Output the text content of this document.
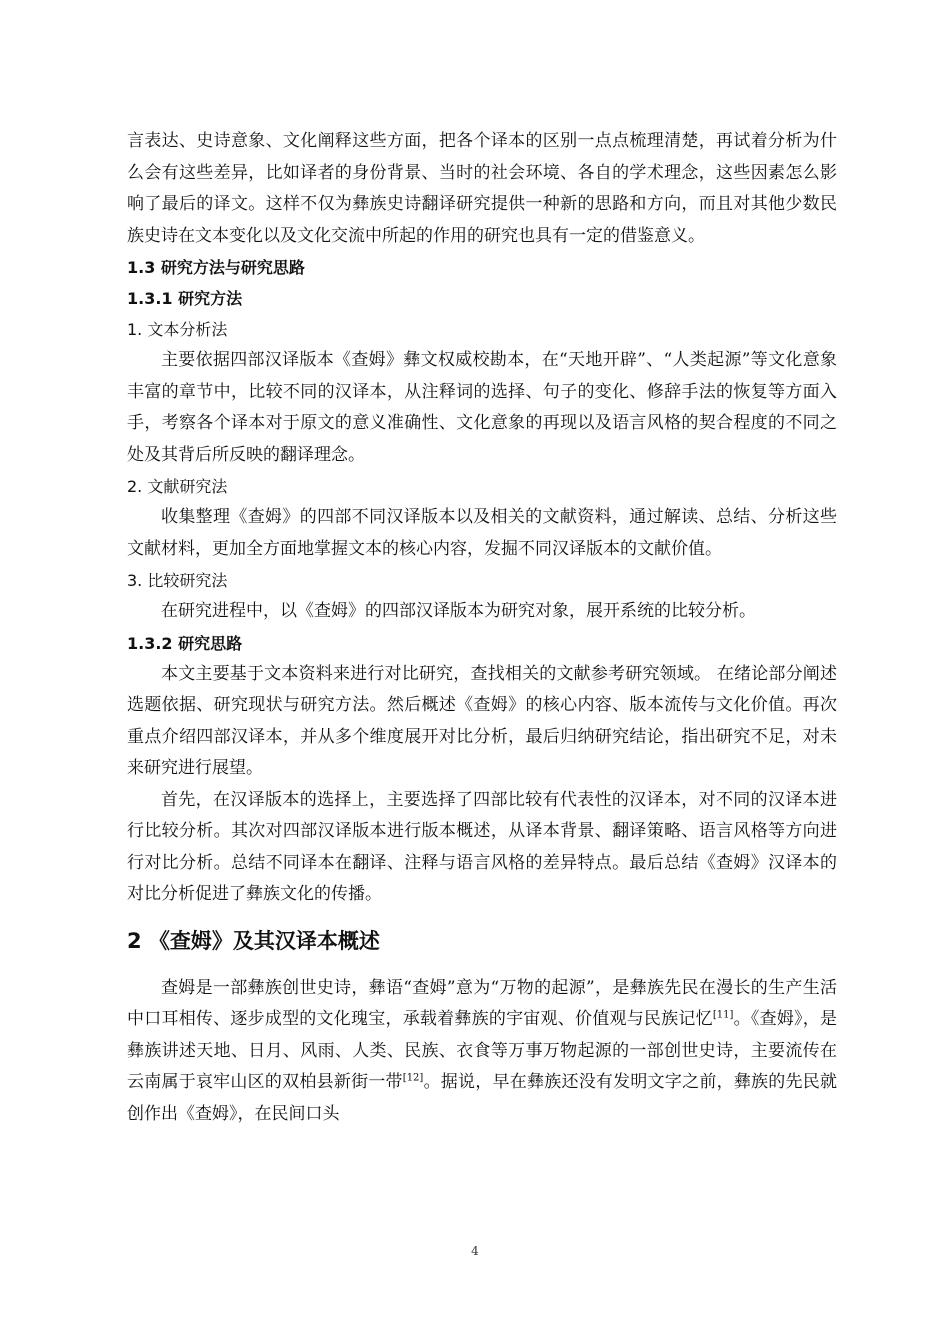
言表达、史诗意象、文化阐释这些方面，把各个译本的区别一点点梳理清楚，再试着分析为什么会有这些差异，比如译者的身份背景、当时的社会环境、各自的学术理念，这些因素怎么影响了最后的译文。这样不仅为彝族史诗翻译研究提供一种新的思路和方向，而且对其他少数民族史诗在文本变化以及文化交流中所起的作用的研究也具有一定的借鉴意义。

1.3 研究方法与研究思路

1.3.1 研究方法

1. 文本分析法

主要依据四部汉译版本《查姆》彝文权威校勘本，在“天地开辟”、“人类起源”等文化意象丰富的章节中，比较不同的汉译本，从注释词的选择、句子的变化、修辞手法的恢复等方面入手，考察各个译本对于原文的意义准确性、文化意象的再现以及语言风格的契合程度的不同之处及其背后所反映的翻译理念。

2. 文献研究法

收集整理《查姆》的四部不同汉译版本以及相关的文献资料，通过解读、总结、分析这些文献材料，更加全方面地掌握文本的核心内容，发掘不同汉译版本的文献价值。

3. 比较研究法

在研究进程中，以《查姆》的四部汉译版本为研究对象，展开系统的比较分析。

1.3.2 研究思路

本文主要基于文本资料来进行对比研究，查找相关的文献参考研究领域。 在绪论部分阐述选题依据、研究现状与研究方法。然后概述《查姆》的核心内容、版本流传与文化价值。再次重点介绍四部汉译本，并从多个维度展开对比分析，最后归纳研究结论，指出研究不足，对未来研究进行展望。

首先，在汉译版本的选择上，主要选择了四部比较有代表性的汉译本，对不同的汉译本进行比较分析。其次对四部汉译版本进行版本概述，从译本背景、翻译策略、语言风格等方向进行对比分析。总结不同译本在翻译、注释与语言风格的差异特点。最后总结《查姆》汉译本的对比分析促进了彝族文化的传播。

2 《查姆》及其汉译本概述

查姆是一部彝族创世史诗，彝语“查姆”意为“万物的起源”，是彝族先民在漫长的生产生活中口耳相传、逐步成型的文化瑰宝，承载着彝族的宇宙观、价值观与民族记忆[11]。《查姆》，是彝族讲述天地、日月、风雨、人类、民族、衣食等万事万物起源的一部创世史诗，主要流传在云南属于哀牢山区的双柏县新街一带[12]。据说，早在彝族还没有发明文字之前，彝族的先民就创作出《查姆》，在民间口头

4
